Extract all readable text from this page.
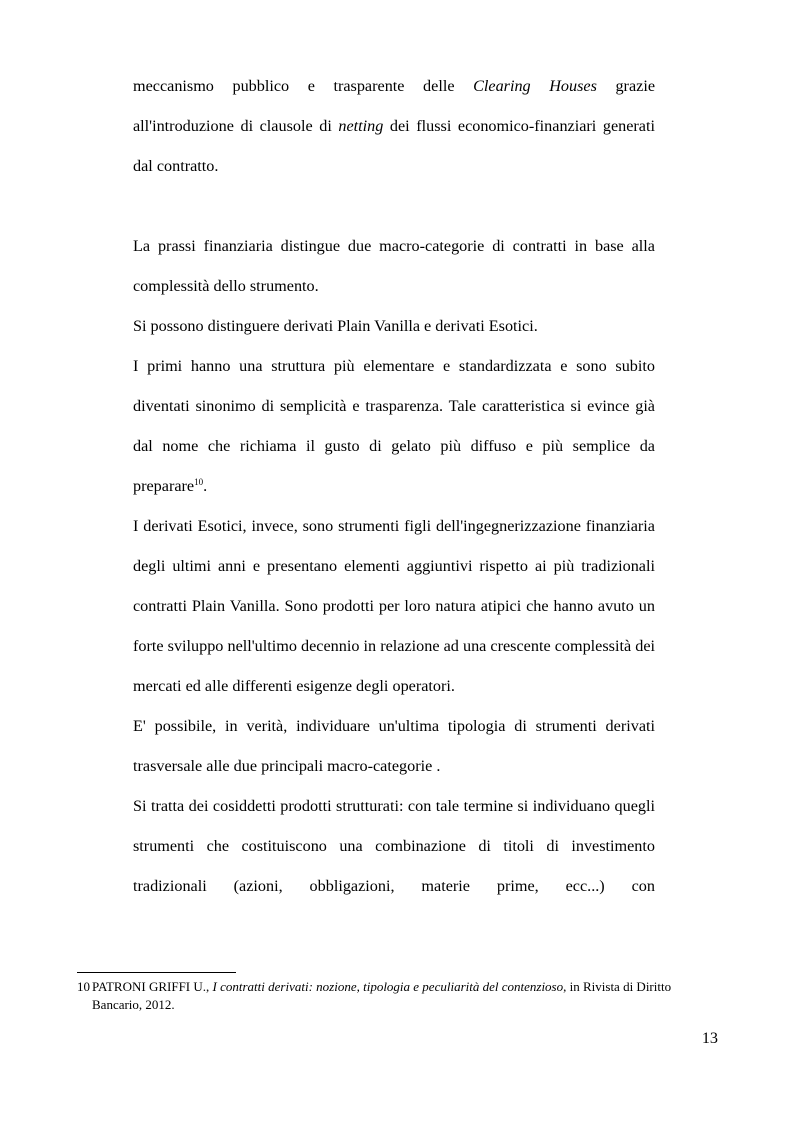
meccanismo pubblico e trasparente delle Clearing Houses grazie all'introduzione di clausole di netting dei flussi economico-finanziari generati dal contratto.

La prassi finanziaria distingue due macro-categorie di contratti in base alla complessità dello strumento.

Si possono distinguere derivati Plain Vanilla e derivati Esotici.

I primi hanno una struttura più elementare e standardizzata e sono subito diventati sinonimo di semplicità e trasparenza. Tale caratteristica si evince già dal nome che richiama il gusto di gelato più diffuso e più semplice da preparare$^{10}$.

I derivati Esotici, invece, sono strumenti figli dell'ingegnerizzazione finanziaria degli ultimi anni e presentano elementi aggiuntivi rispetto ai più tradizionali contratti Plain Vanilla. Sono prodotti per loro natura atipici che hanno avuto un forte sviluppo nell'ultimo decennio in relazione ad una crescente complessità dei mercati ed alle differenti esigenze degli operatori.

E' possibile, in verità, individuare un'ultima tipologia di strumenti derivati trasversale alle due principali macro-categorie .

Si tratta dei cosiddetti prodotti strutturati: con tale termine si individuano quegli strumenti che costituiscono una combinazione di titoli di investimento tradizionali (azioni, obbligazioni, materie prime, ecc...) con

10 PATRONI GRIFFI U., I contratti derivati: nozione, tipologia e peculiarità del contenzioso, in Rivista di Diritto
Bancario, 2012.
13
